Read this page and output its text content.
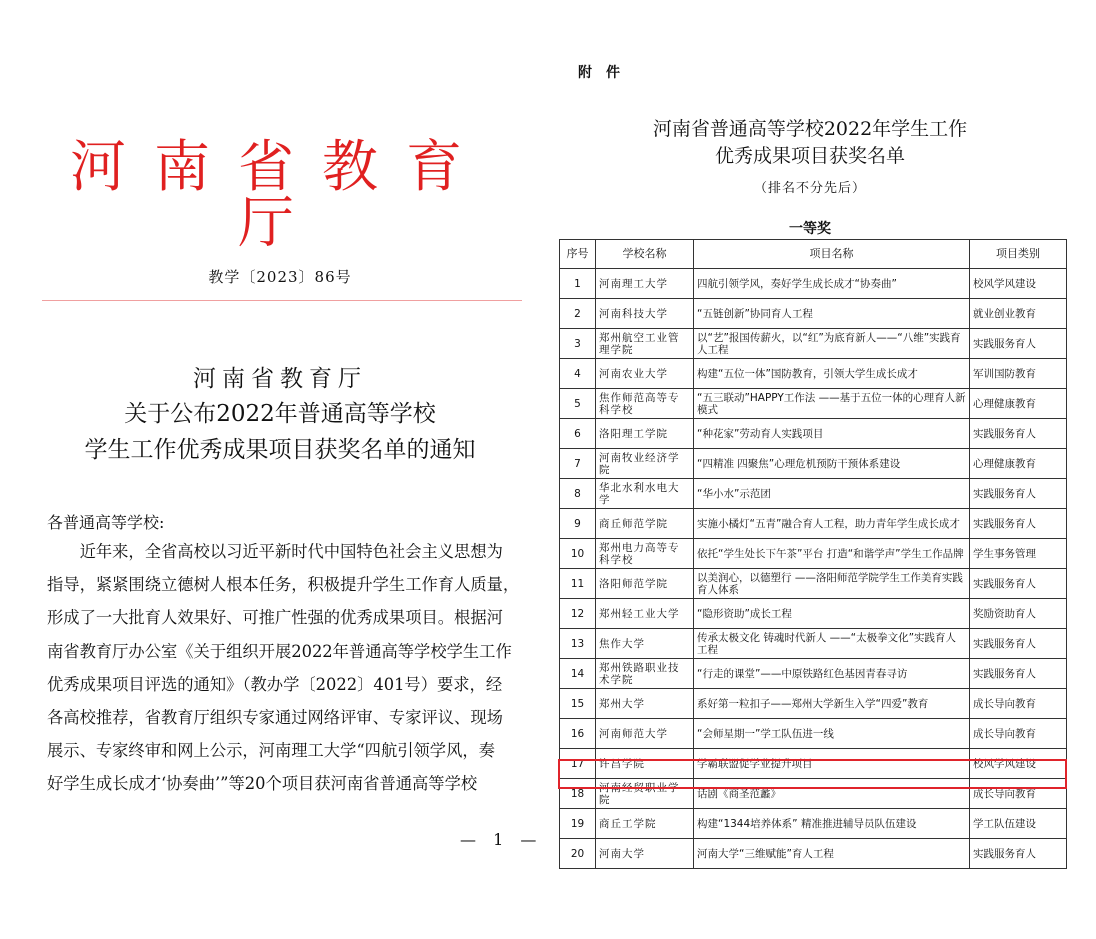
河南省教育厅
教学〔2023〕86号
河南省教育厅
关于公布2022年普通高等学校
学生工作优秀成果项目获奖名单的通知
各普通高等学校:
　　近年来，全省高校以习近平新时代中国特色社会主义思想为
指导，紧紧围绕立德树人根本任务，积极提升学生工作育人质量，
形成了一大批育人效果好、可推广性强的优秀成果项目。根据河
南省教育厅办公室《关于组织开展2022年普通高等学校学生工作
优秀成果项目评选的通知》（教办学〔2022〕401号）要求，经
各高校推荐，省教育厅组织专家通过网络评审、专家评议、现场
展示、专家终审和网上公示，河南理工大学“四航引领学风，奏
好学生成长成才‘协奏曲’”等20个项目获河南省普通高等学校
— 1 —
附件
河南省普通高等学校2022年学生工作
优秀成果项目获奖名单
（排名不分先后）
一等奖
序号	学校名称	项目名称	项目类别
1	河南理工大学	四航引领学风，奏好学生成长成才“协奏曲”	校风学风建设
2	河南科技大学	“五链创新”协同育人工程	就业创业教育
3	郑州航空工业管理学院	以“艺”报国传薪火，以“红”为底育新人——“八维”实践育人工程	实践服务育人
4	河南农业大学	构建“五位一体”国防教育，引领大学生成长成才	军训国防教育
5	焦作师范高等专科学校	“五三联动”HAPPY工作法 ——基于五位一体的心理育人新模式	心理健康教育
6	洛阳理工学院	“种花家”劳动育人实践项目	实践服务育人
7	河南牧业经济学院	“四精准 四聚焦”心理危机预防干预体系建设	心理健康教育
8	华北水利水电大学	“华小水”示范团	实践服务育人
9	商丘师范学院	实施小橘灯“五青”融合育人工程，助力青年学生成长成才	实践服务育人
10	郑州电力高等专科学校	依托“学生处长下午茶”平台 打造“和谐学声”学生工作品牌	学生事务管理
11	洛阳师范学院	以美润心，以德塑行 ——洛阳师范学院学生工作美育实践育人体系	实践服务育人
12	郑州轻工业大学	“隐形资助”成长工程	奖励资助育人
13	焦作大学	传承太极文化 铸魂时代新人 ——“太极拳文化”实践育人工程	实践服务育人
14	郑州铁路职业技术学院	“行走的课堂”——中原铁路红色基因青春寻访	实践服务育人
15	郑州大学	系好第一粒扣子——郑州大学新生入学“四爱”教育	成长导向教育
16	河南师范大学	“会师星期一”学工队伍进一线	成长导向教育
17	许昌学院	学霸联盟促学业提升项目	校风学风建设
18	河南经贸职业学院	话剧《商圣范蠡》	成长导向教育
19	商丘工学院	构建“1344培养体系” 精准推进辅导员队伍建设	学工队伍建设
20	河南大学	河南大学“三维赋能”育人工程	实践服务育人
